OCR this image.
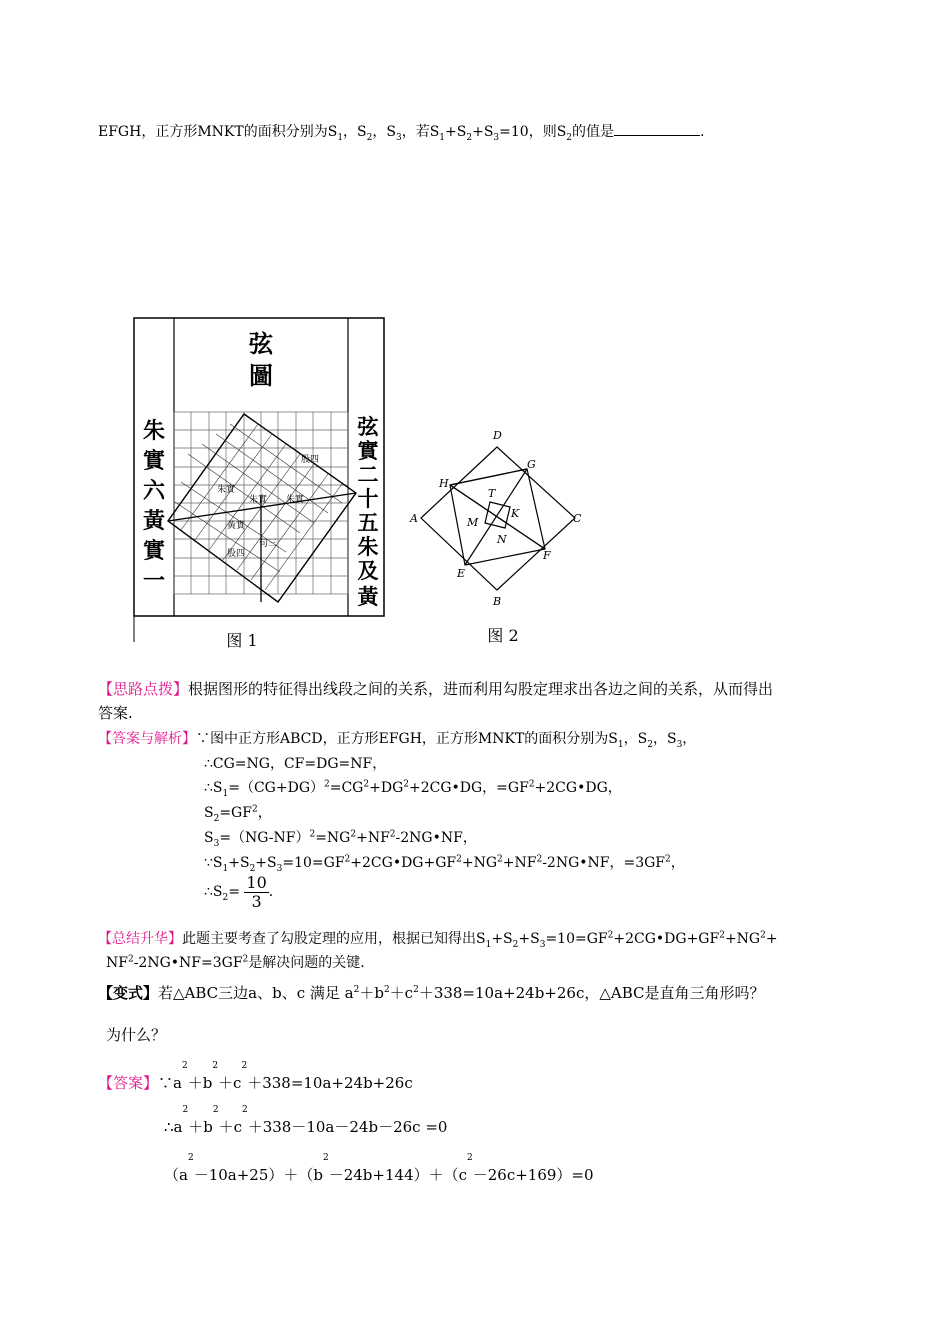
EFGH，正方形MNKT的面积分别为$S_1$，$S_2$，$S_3$，若$S_1+S_2+S_3=10$，则$S_2$的值是	.
弦
圖
朱
實
六
黃
實
一
弦
實
二
十
五
朱
及
黃
朱實
朱實 朱實
黃實
股四
句三
股四
图 1
D
G
H
T
A	C
K
M
N
E
F
B
图 2
【思路点拨】根据图形的特征得出线段之间的关系，进而利用勾股定理求出各边之间的关系，从而得出
答案.
【答案与解析】∵图中正方形ABCD，正方形EFGH，正方形MNKT的面积分别为$S_1$，$S_2$，$S_3$，
∴CG=NG，CF=DG=NF，
$\therefore S_1=(CG+DG)^2=CG^2+DG^2+2CG•DG$，$=GF^2+2CG•DG$，
$S_2=GF^2$，
$S_3=(NG-NF)^2=NG^2+NF^2-2NG•NF$，
$\because S_1+S_2+S_3=10=GF^2+2CG•DG+GF^2+NG^2+NF^2-2NG•NF$，$=3GF^2$，
$\therefore S_2= \frac{10}{3}$ .
【总结升华】此题主要考查了勾股定理的应用，根据已知得出$S_1+S_2+S_3=10=GF^2+2CG•DG+GF^2+NG^2+$
$NF^2-2NG•NF=3GF^2$是解决问题的关键.
【变式】若△ABC三边a、b、c 满足 $a^2+b^2+c^2+338=10a+24b+26c$，△ABC是直角三角形吗？
为什么？
【答案】$\because a^2+b^2+c^2+338=10a+24b+26c$
$\therefore a^2+b^2+c^2+338-10a-24b-26c =0$
$(a^2-10a+25)+(b^2-24b+144)+(c^2-26c+169)=0$
